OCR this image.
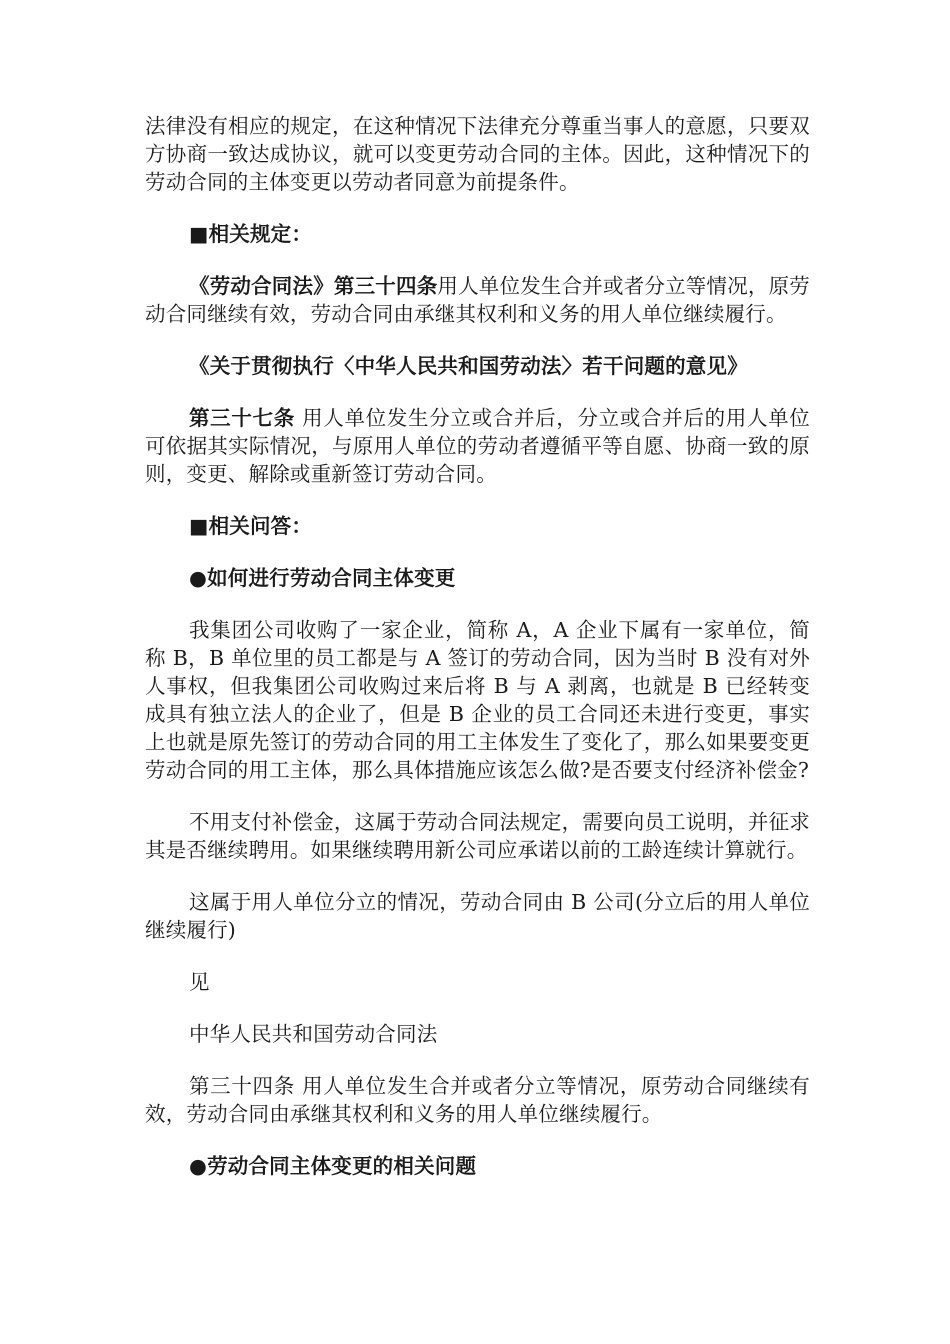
法律没有相应的规定，在这种情况下法律充分尊重当事人的意愿，只要双方协商一致达成协议，就可以变更劳动合同的主体。因此，这种情况下的劳动合同的主体变更以劳动者同意为前提条件。

■相关规定：

《劳动合同法》第三十四条用人单位发生合并或者分立等情况，原劳动合同继续有效，劳动合同由承继其权利和义务的用人单位继续履行。

《关于贯彻执行〈中华人民共和国劳动法〉若干问题的意见》

第三十七条 用人单位发生分立或合并后，分立或合并后的用人单位可依据其实际情况，与原用人单位的劳动者遵循平等自愿、协商一致的原则，变更、解除或重新签订劳动合同。

■相关问答：

●如何进行劳动合同主体变更

我集团公司收购了一家企业，简称 A，A 企业下属有一家单位，简称 B，B 单位里的员工都是与 A 签订的劳动合同，因为当时 B 没有对外人事权，但我集团公司收购过来后将 B 与 A 剥离，也就是 B 已经转变成具有独立法人的企业了，但是 B 企业的员工合同还未进行变更，事实上也就是原先签订的劳动合同的用工主体发生了变化了，那么如果要变更劳动合同的用工主体，那么具体措施应该怎么做?是否要支付经济补偿金?

不用支付补偿金，这属于劳动合同法规定，需要向员工说明，并征求其是否继续聘用。如果继续聘用新公司应承诺以前的工龄连续计算就行。

这属于用人单位分立的情况，劳动合同由 B 公司(分立后的用人单位继续履行)

见

中华人民共和国劳动合同法

第三十四条 用人单位发生合并或者分立等情况，原劳动合同继续有效，劳动合同由承继其权利和义务的用人单位继续履行。

●劳动合同主体变更的相关问题
